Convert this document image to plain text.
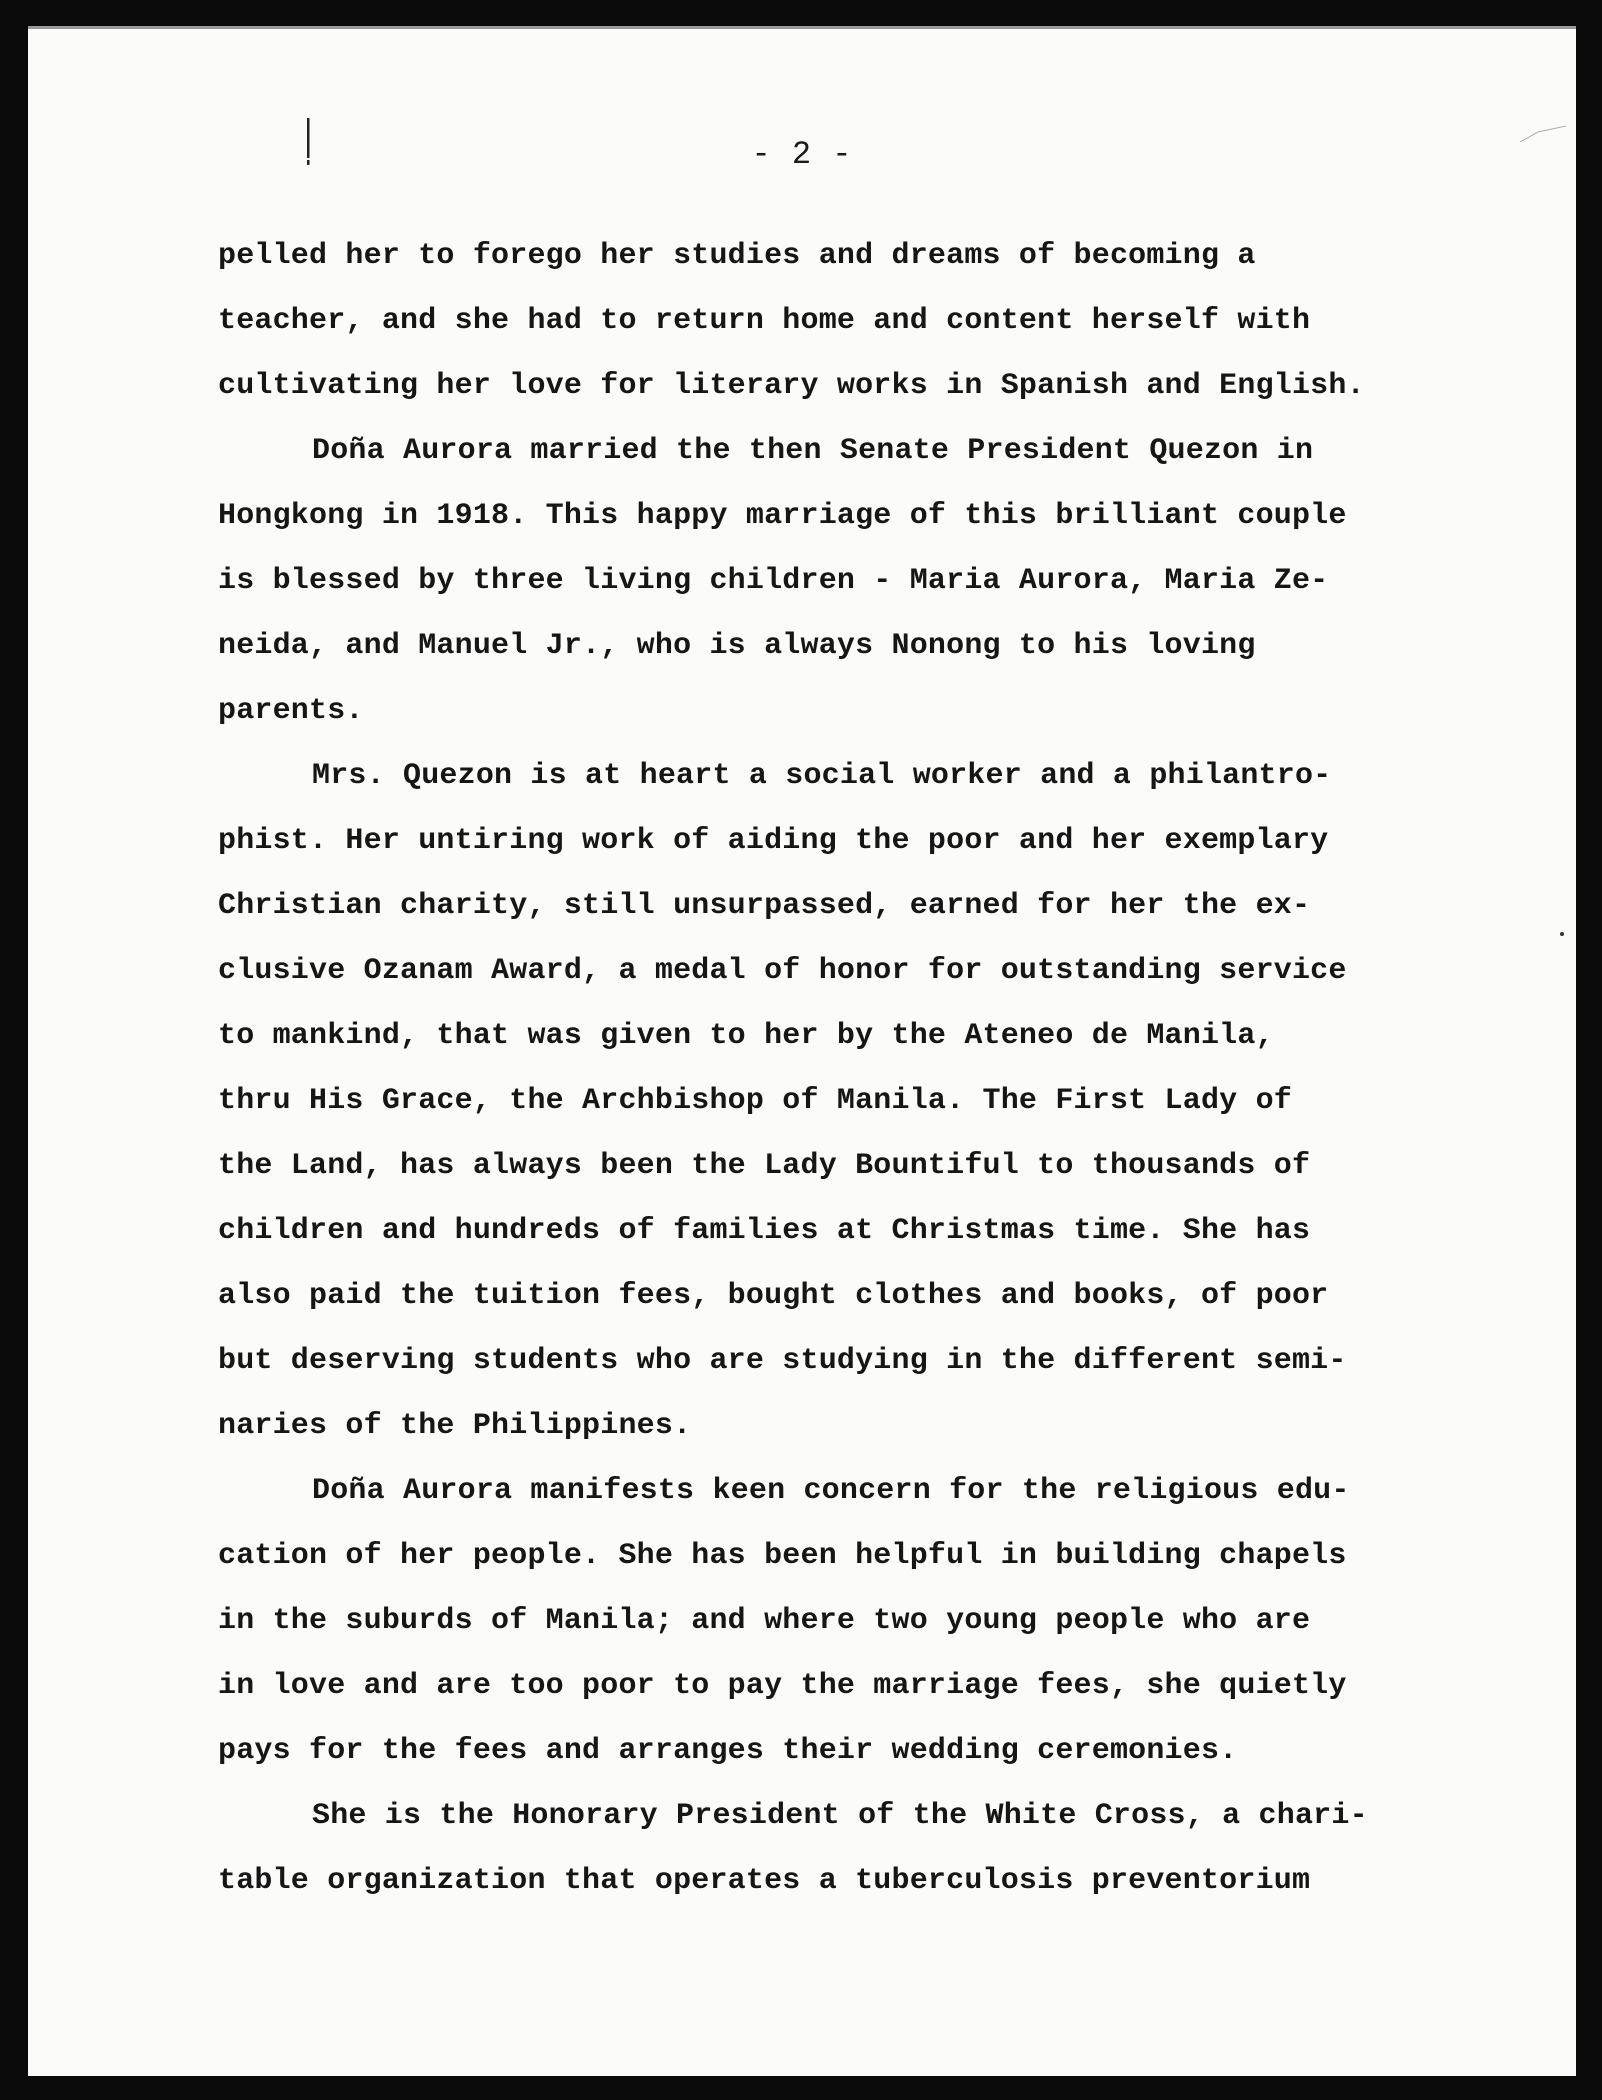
- 2 -
pelled her to forego her studies and dreams of becoming a
teacher, and she had to return home and content herself with
cultivating her love for literary works in Spanish and English.
Doña Aurora married the then Senate President Quezon in
Hongkong in 1918. This happy marriage of this brilliant couple
is blessed by three living children - Maria Aurora, Maria Ze-
neida, and Manuel Jr., who is always Nonong to his loving
parents.
Mrs. Quezon is at heart a social worker and a philantro-
phist. Her untiring work of aiding the poor and her exemplary
Christian charity, still unsurpassed, earned for her the ex-
clusive Ozanam Award, a medal of honor for outstanding service
to mankind, that was given to her by the Ateneo de Manila,
thru His Grace, the Archbishop of Manila. The First Lady of
the Land, has always been the Lady Bountiful to thousands of
children and hundreds of families at Christmas time. She has
also paid the tuition fees, bought clothes and books, of poor
but deserving students who are studying in the different semi-
naries of the Philippines.
Doña Aurora manifests keen concern for the religious edu-
cation of her people. She has been helpful in building chapels
in the suburds of Manila; and where two young people who are
in love and are too poor to pay the marriage fees, she quietly
pays for the fees and arranges their wedding ceremonies.
She is the Honorary President of the White Cross, a chari-
table organization that operates a tuberculosis preventorium
